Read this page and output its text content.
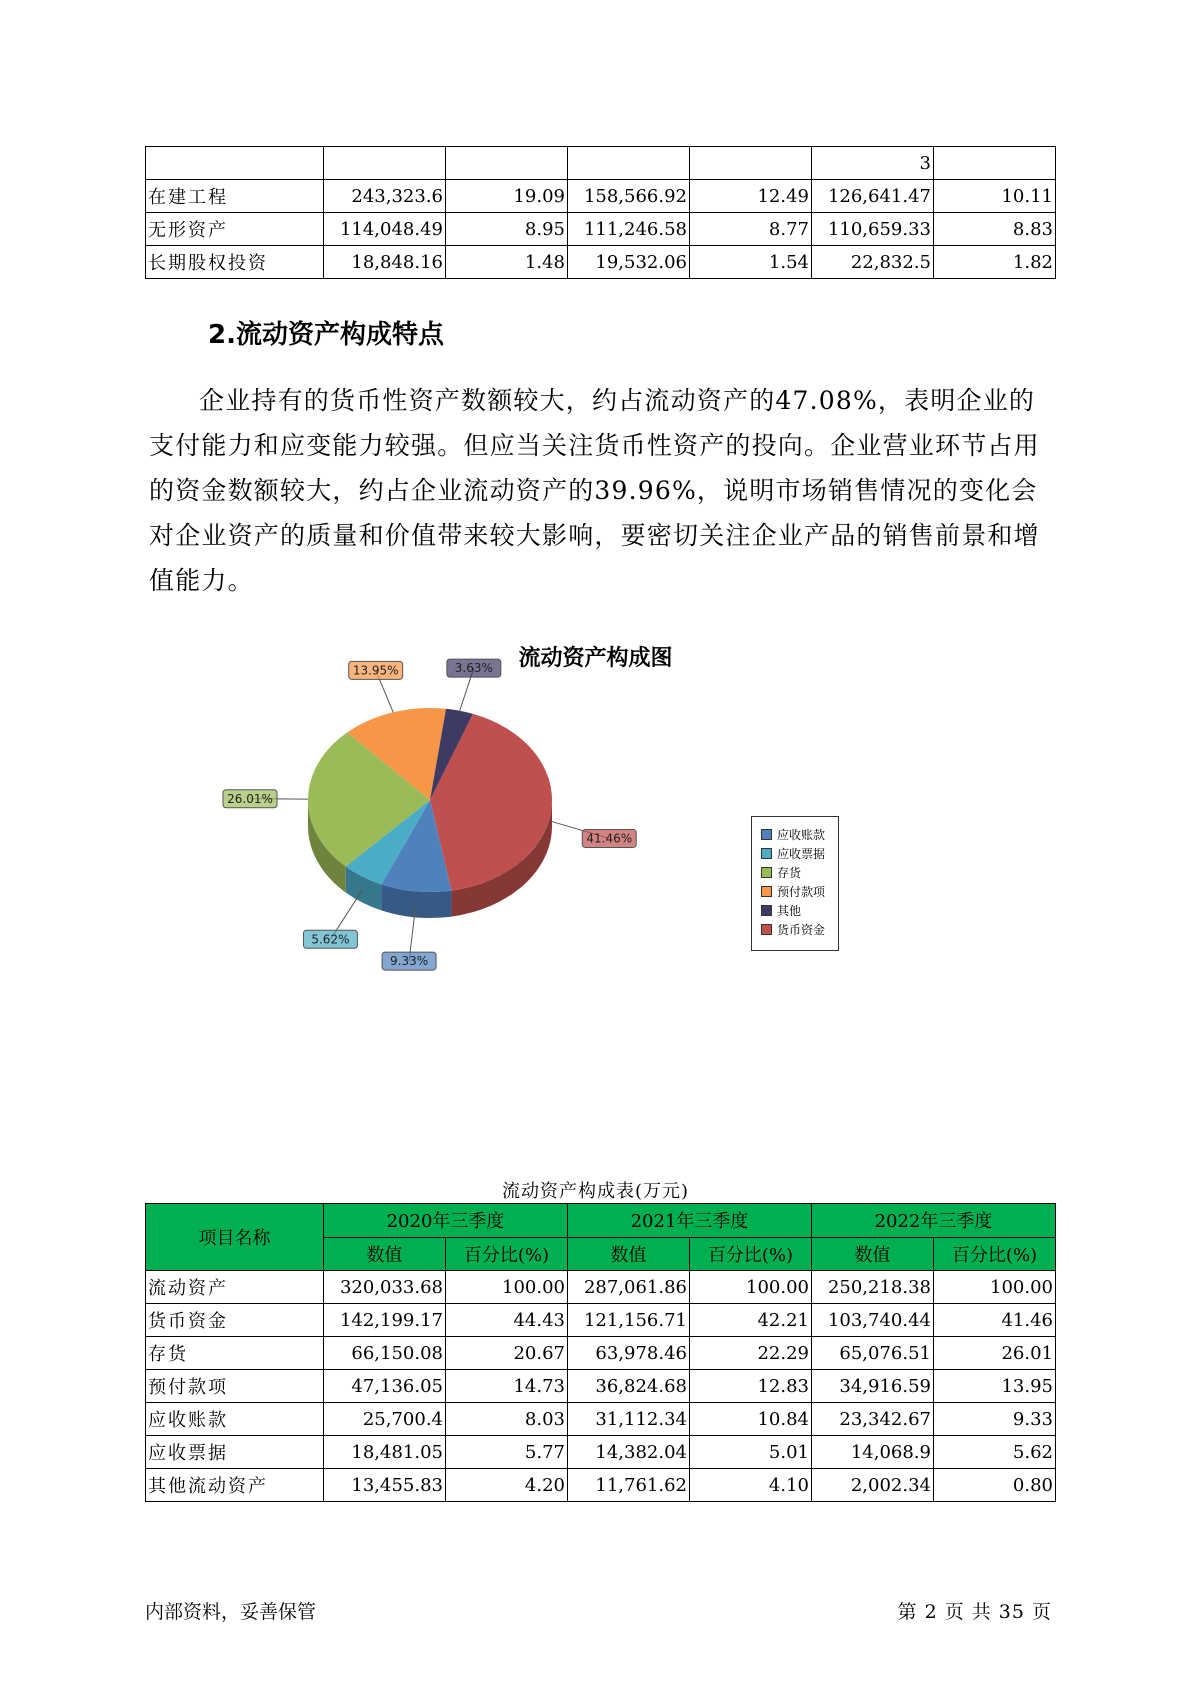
					3	
在建工程	243,323.6	19.09	158,566.92	12.49	126,641.47	10.11
无形资产	114,048.49	8.95	111,246.58	8.77	110,659.33	8.83
长期股权投资	18,848.16	1.48	19,532.06	1.54	22,832.5	1.82
2.流动资产构成特点
企业持有的货币性资产数额较大，约占流动资产的47.08%，表明企业的支付能力和应变能力较强。但应当关注货币性资产的投向。企业营业环节占用的资金数额较大，约占企业流动资产的39.96%，说明市场销售情况的变化会对企业资产的质量和价值带来较大影响，要密切关注企业产品的销售前景和增值能力。
流动资产构成图
41.46%
9.33%
5.62%
26.01%
13.95%	3.63%
应收账款
应收票据
存货
预付款项
其他
货币资金
流动资产构成表(万元)
项目名称	2020年三季度		2021年三季度		2022年三季度	
	数值	百分比(%)	数值	百分比(%)	数值	百分比(%)
流动资产	320,033.68	100.00	287,061.86	100.00	250,218.38	100.00
货币资金	142,199.17	44.43	121,156.71	42.21	103,740.44	41.46
存货	66,150.08	20.67	63,978.46	22.29	65,076.51	26.01
预付款项	47,136.05	14.73	36,824.68	12.83	34,916.59	13.95
应收账款	25,700.4	8.03	31,112.34	10.84	23,342.67	9.33
应收票据	18,481.05	5.77	14,382.04	5.01	14,068.9	5.62
其他流动资产	13,455.83	4.20	11,761.62	4.10	2,002.34	0.80
内部资料，妥善保管	第 2 页 共 35 页
